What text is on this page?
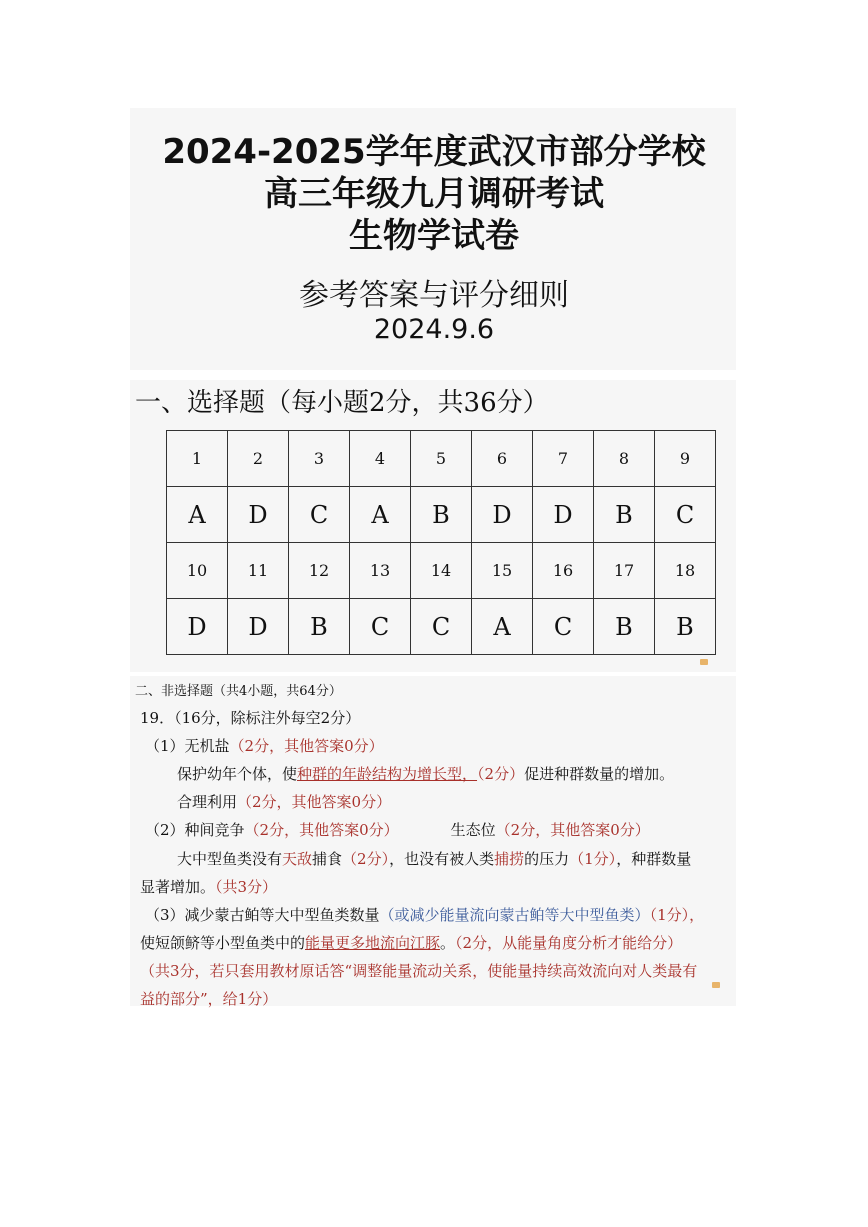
2024-2025学年度武汉市部分学校
高三年级九月调研考试
生物学试卷
参考答案与评分细则
2024.9.6
一、选择题（每小题2分，共36分）
1	2	3	4	5	6	7	8	9
A	D	C	A	B	D	D	B	C
10	11	12	13	14	15	16	17	18
D	D	B	C	C	A	C	B	B
二、非选择题（共4小题，共64分）
19．（16分，除标注外每空2分）
（1）无机盐（2分，其他答案0分）
保护幼年个体，使种群的年龄结构为增长型，（2分）促进种群数量的增加。
合理利用（2分，其他答案0分）
（2）种间竞争（2分，其他答案0分）	生态位（2分，其他答案0分）
大中型鱼类没有天敌捕食（2分），也没有被人类捕捞的压力（1分），种群数量
显著增加。（共3分）
（3）减少蒙古鲌等大中型鱼类数量（或减少能量流向蒙古鲌等大中型鱼类）（1分），
使短颌鲚等小型鱼类中的能量更多地流向江豚。（2分，从能量角度分析才能给分）
（共3分，若只套用教材原话答“调整能量流动关系，使能量持续高效流向对人类最有
益的部分”，给1分）
